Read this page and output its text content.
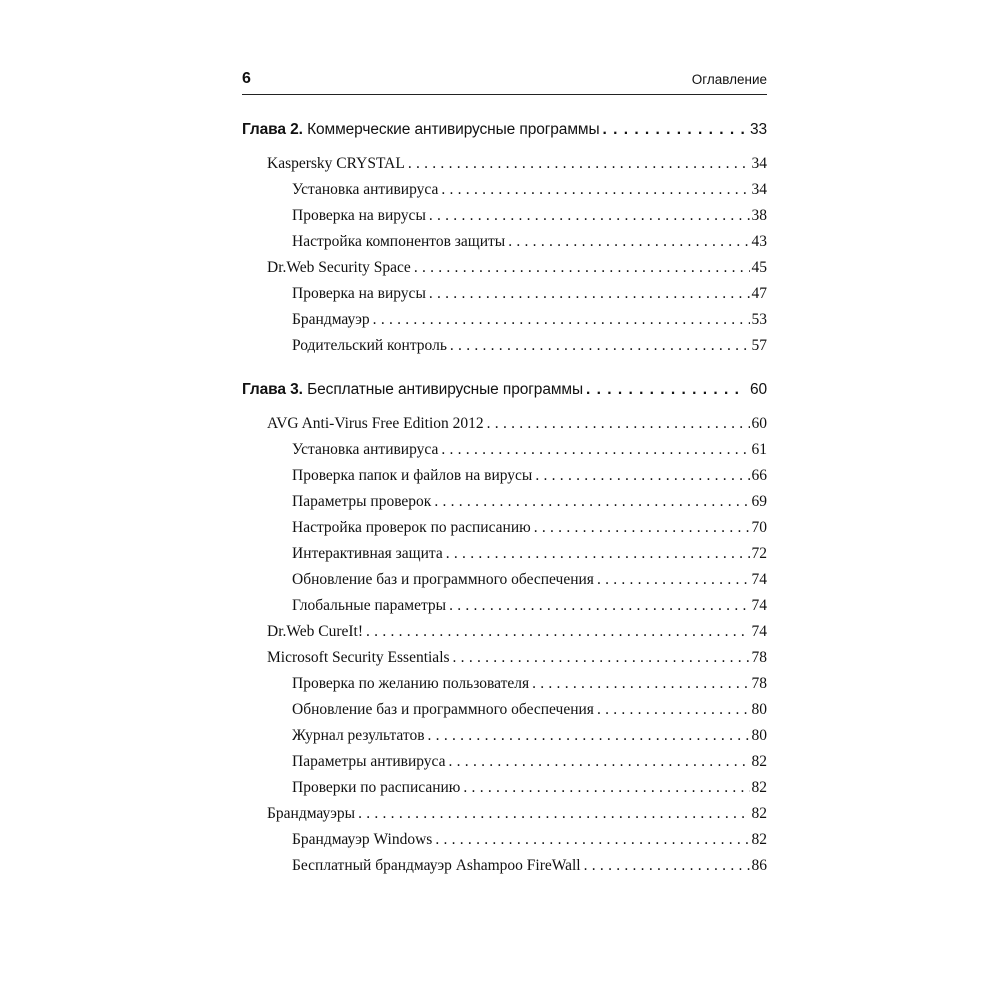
6	Оглавление
Глава 2. Коммерческие антивирусные программы . . .	33
Kaspersky CRYSTAL . . .	34
Установка антивируса . . .	34
Проверка на вирусы . . .	38
Настройка компонентов защиты . . .	43
Dr.Web Security Space . . .	45
Проверка на вирусы . . .	47
Брандмауэр . . .	53
Родительский контроль . . .	57
Глава 3. Бесплатные антивирусные программы . . .	60
AVG Anti-Virus Free Edition 2012 . . .	60
Установка антивируса . . .	61
Проверка папок и файлов на вирусы . . .	66
Параметры проверок . . .	69
Настройка проверок по расписанию . . .	70
Интерактивная защита . . .	72
Обновление баз и программного обеспечения . . .	74
Глобальные параметры . . .	74
Dr.Web CureIt! . . .	74
Microsoft Security Essentials . . .	78
Проверка по желанию пользователя . . .	78
Обновление баз и программного обеспечения . . .	80
Журнал результатов . . .	80
Параметры антивируса . . .	82
Проверки по расписанию . . .	82
Брандмауэры . . .	82
Брандмауэр Windows . . .	82
Бесплатный брандмауэр Ashampoo FireWall . . .	86
